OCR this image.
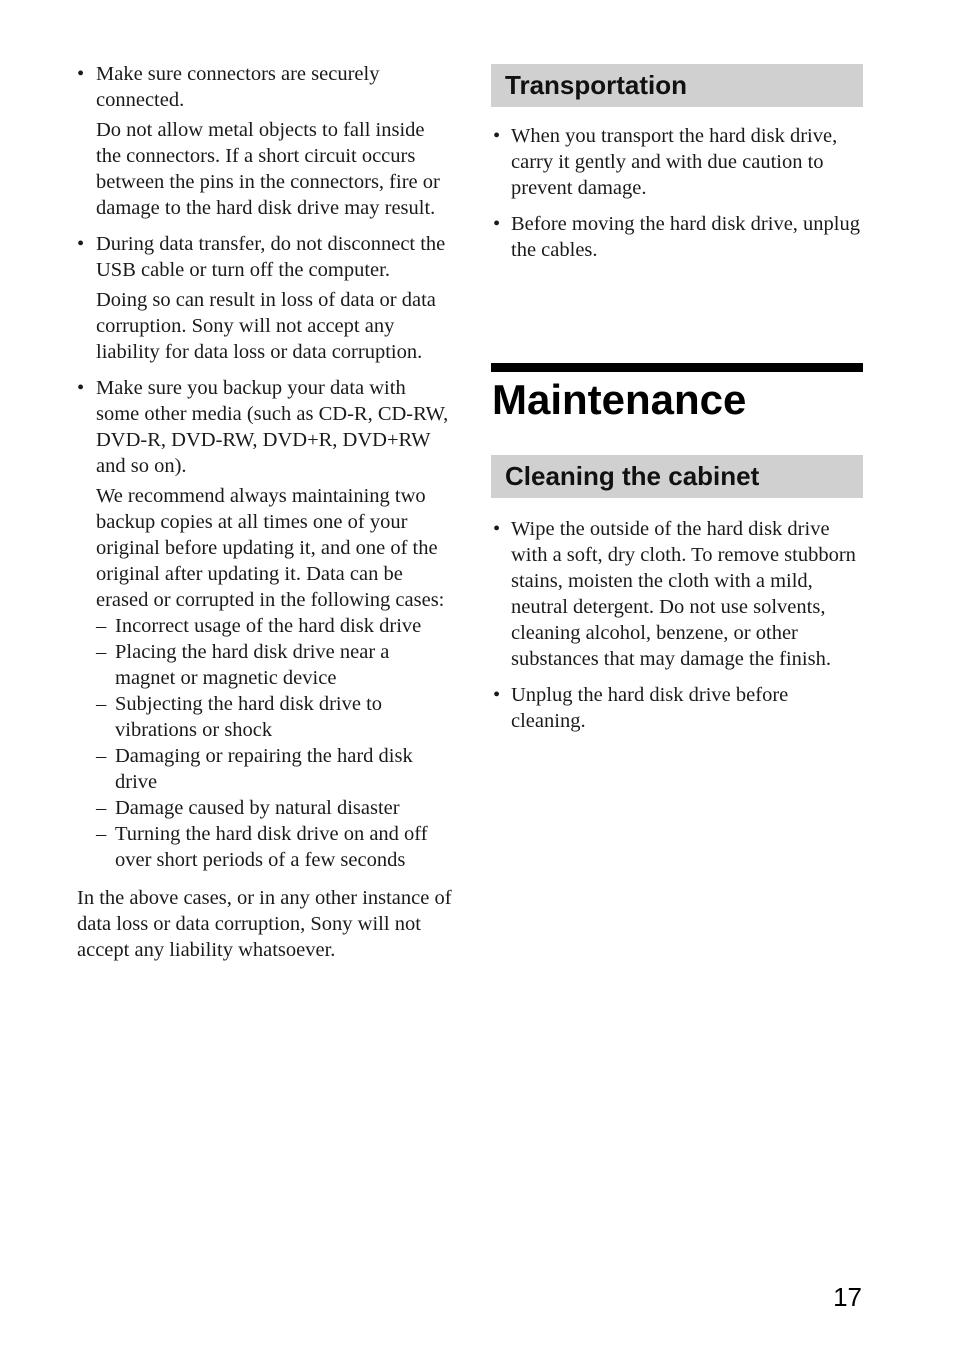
• Make sure connectors are securely connected.

Do not allow metal objects to fall inside the connectors. If a short circuit occurs between the pins in the connectors, fire or damage to the hard disk drive may result.

• During data transfer, do not disconnect the USB cable or turn off the computer.

Doing so can result in loss of data or data corruption. Sony will not accept any liability for data loss or data corruption.

• Make sure you backup your data with some other media (such as CD-R, CD-RW, DVD-R, DVD-RW, DVD+R, DVD+RW and so on).

We recommend always maintaining two backup copies at all times one of your original before updating it, and one of the original after updating it. Data can be erased or corrupted in the following cases:

– Incorrect usage of the hard disk drive
– Placing the hard disk drive near a magnet or magnetic device
– Subjecting the hard disk drive to vibrations or shock
– Damaging or repairing the hard disk drive
– Damage caused by natural disaster
– Turning the hard disk drive on and off over short periods of a few seconds

In the above cases, or in any other instance of data loss or data corruption, Sony will not accept any liability whatsoever.

Transportation
• When you transport the hard disk drive, carry it gently and with due caution to prevent damage.

• Before moving the hard disk drive, unplug the cables.

Maintenance
Cleaning the cabinet
• Wipe the outside of the hard disk drive with a soft, dry cloth. To remove stubborn stains, moisten the cloth with a mild, neutral detergent. Do not use solvents, cleaning alcohol, benzene, or other substances that may damage the finish.

• Unplug the hard disk drive before cleaning.

17
